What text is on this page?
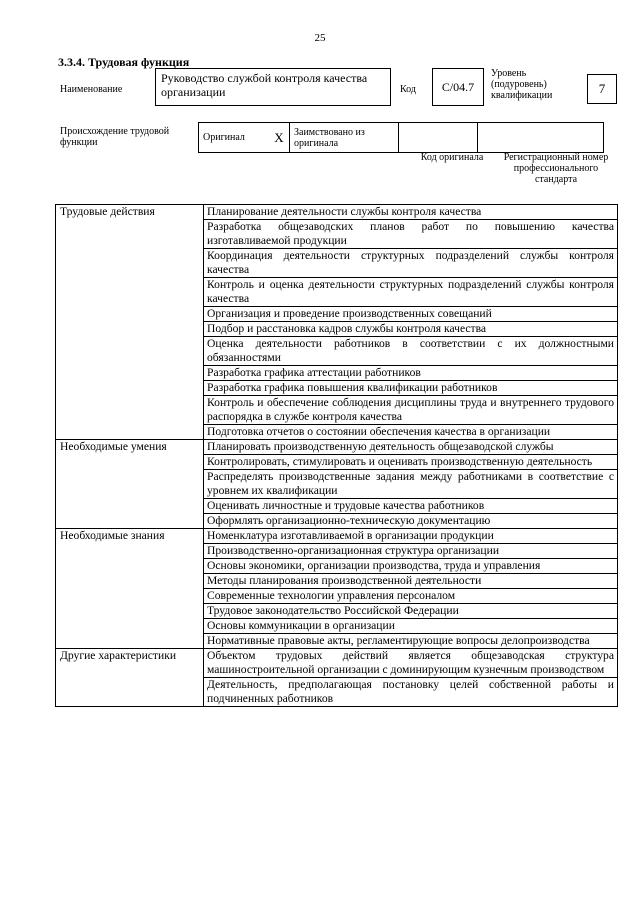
25
3.3.4. Трудовая функция
Наименование
Руководство службой контроля качества организации	Код	C/04.7
Уровень (подуровень) квалификации	7
Происхождение трудовой функции	Оригинал	X	Заимствовано из оригинала		
Код оригинала	Регистрационный номер профессионального стандарта
Трудовые действия	Планирование деятельности службы контроля качества
	Разработка общезаводских планов работ по повышению качества изготавливаемой продукции
	Координация деятельности структурных подразделений службы контроля качества
	Контроль и оценка деятельности структурных подразделений службы контроля качества
	Организация и проведение производственных совещаний
	Подбор и расстановка кадров службы контроля качества
	Оценка деятельности работников в соответствии с их должностными обязанностями
	Разработка графика аттестации работников
	Разработка графика повышения квалификации работников
	Контроль и обеспечение соблюдения дисциплины труда и внутреннего трудового распорядка в службе контроля качества
	Подготовка отчетов о состоянии обеспечения качества в организации
Необходимые умения	Планировать производственную деятельность общезаводской службы
	Контролировать, стимулировать и оценивать производственную деятельность
	Распределять производственные задания между работниками в соответствие с уровнем их квалификации
	Оценивать личностные и трудовые качества работников
	Оформлять организационно-техническую документацию
Необходимые знания	Номенклатура изготавливаемой в организации продукции
	Производственно-организационная структура организации
	Основы экономики, организации производства, труда и управления
	Методы планирования производственной деятельности
	Современные технологии управления персоналом
	Трудовое законодательство Российской Федерации
	Основы коммуникации в организации
	Нормативные правовые акты, регламентирующие вопросы делопроизводства
Другие характеристики	Объектом трудовых действий является общезаводская структура машиностроительной организации с доминирующим кузнечным производством
	Деятельность, предполагающая постановку целей собственной работы и подчиненных работников
